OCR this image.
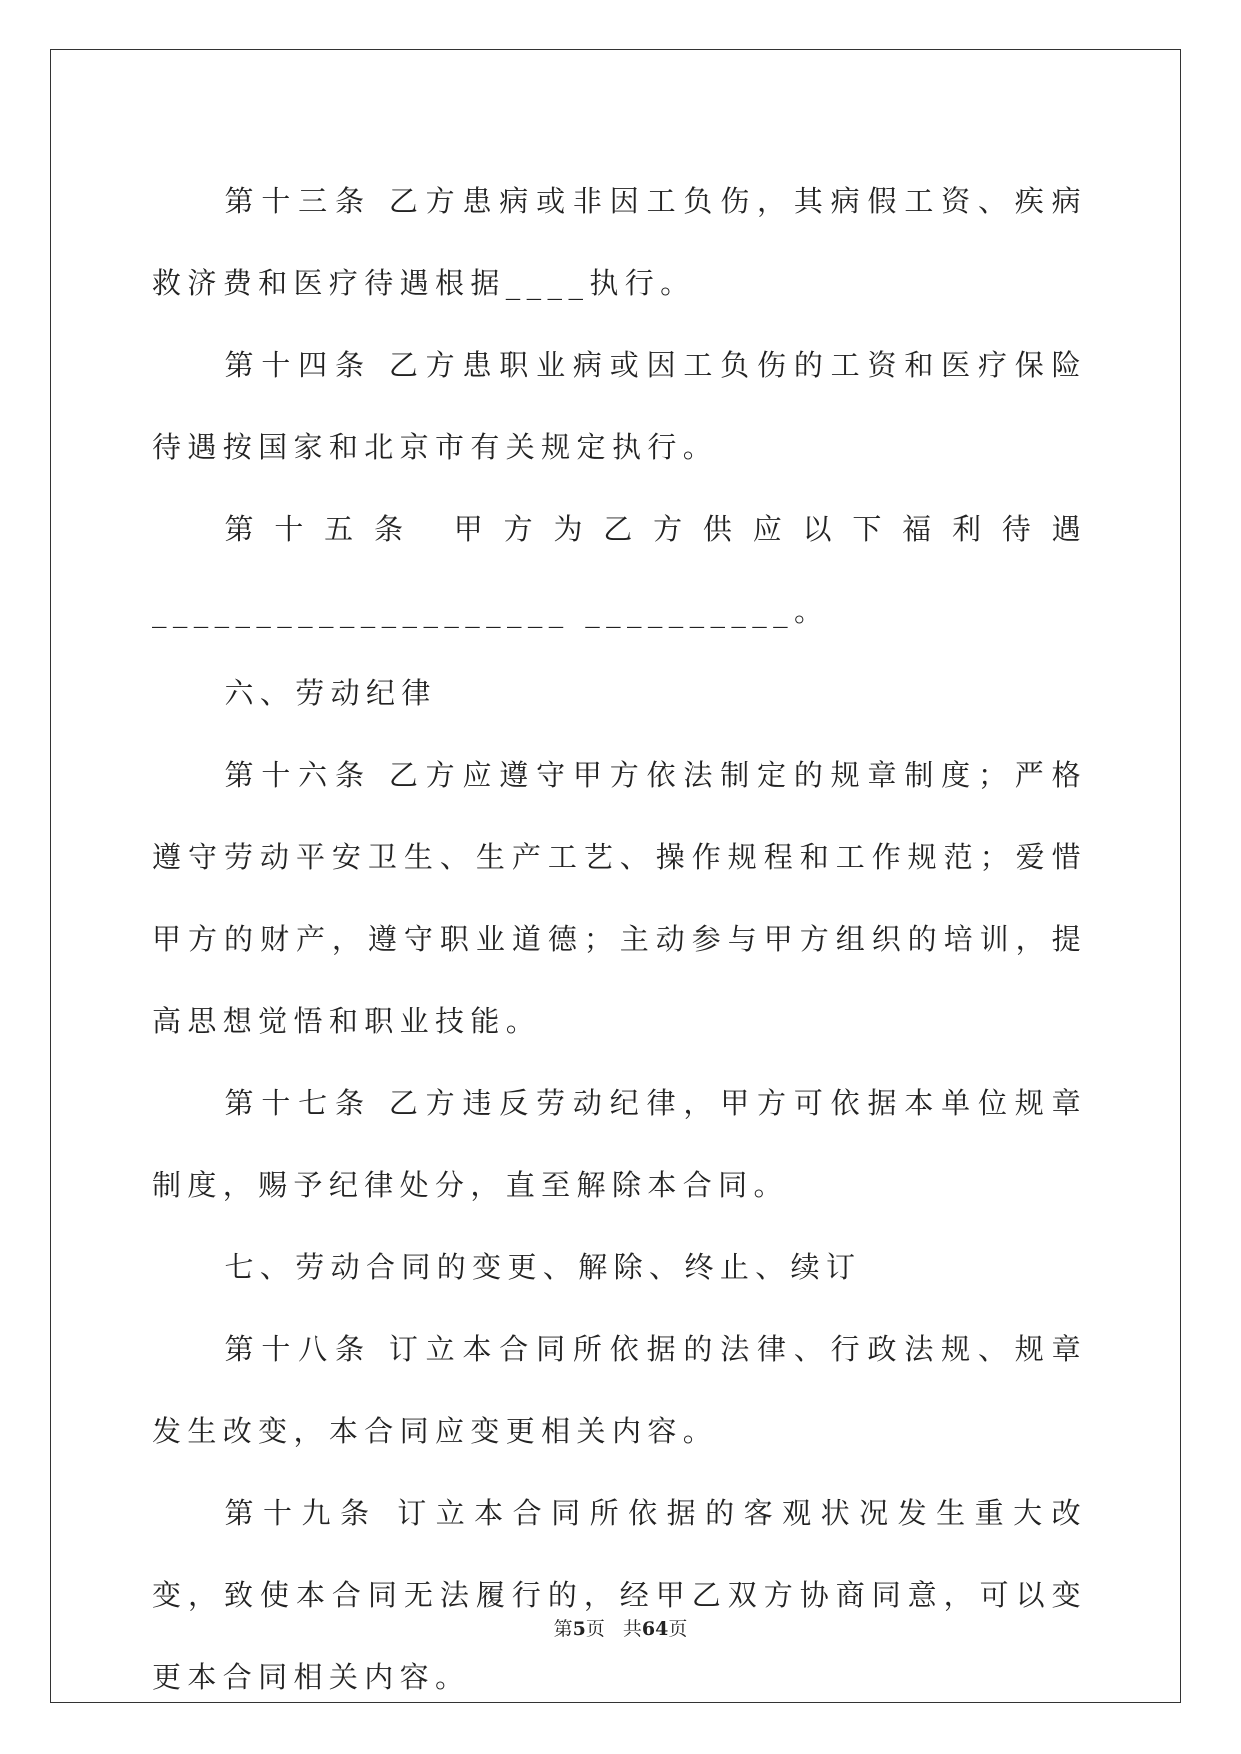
第十三条 乙方患病或非因工负伤，其病假工资、疾病救济费和医疗待遇根据____执行。

第十四条 乙方患职业病或因工负伤的工资和医疗保险待遇按国家和北京市有关规定执行。

第十五条 甲方为乙方供应以下福利待遇____________________ __________。

六、劳动纪律

第十六条 乙方应遵守甲方依法制定的规章制度；严格遵守劳动平安卫生、生产工艺、操作规程和工作规范；爱惜甲方的财产，遵守职业道德；主动参与甲方组织的培训，提高思想觉悟和职业技能。

第十七条 乙方违反劳动纪律，甲方可依据本单位规章制度，赐予纪律处分，直至解除本合同。

七、劳动合同的变更、解除、终止、续订

第十八条 订立本合同所依据的法律、行政法规、规章发生改变，本合同应变更相关内容。

第十九条 订立本合同所依据的客观状况发生重大改变，致使本合同无法履行的，经甲乙双方协商同意，可以变更本合同相关内容。

第5页 共64页
